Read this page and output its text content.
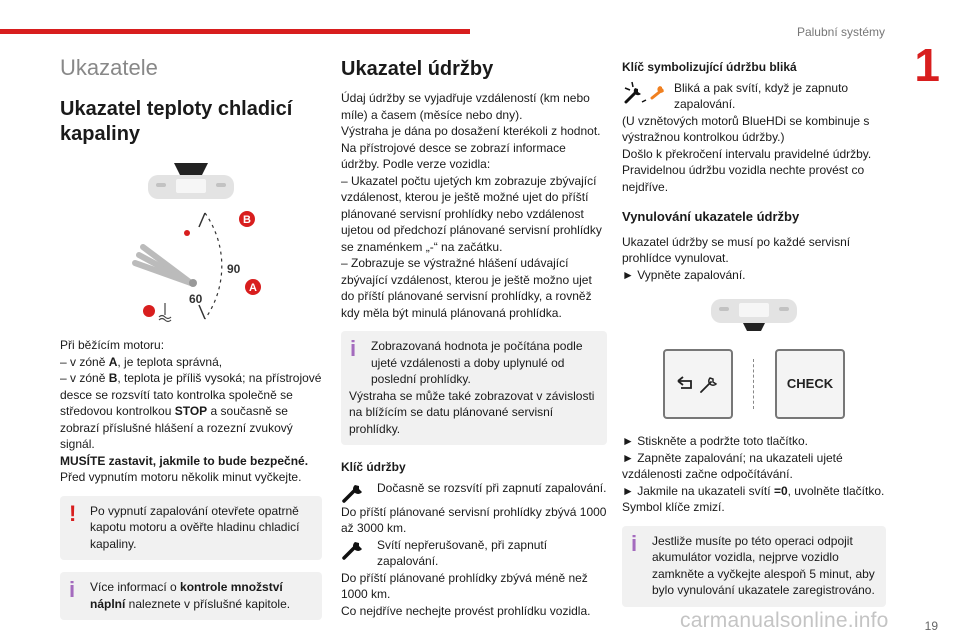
Palubní systémy
1
Ukazatele
Ukazatel teploty chladicí kapaliny
B
A
90
60

Při běžícím motoru:

– v zóně A, je teplota správná,

– v zóně B, teplota je příliš vysoká; na přístrojové desce se rozsvítí tato kontrolka společně se středovou kontrolkou STOP a současně se zobrazí příslušné hlášení a rozezní zvukový signál.

MUSÍTE zastavit, jakmile to bude bezpečné.

Před vypnutím motoru několik minut vyčkejte.

!	Po vypnutí zapalování otevřete opatrně kapotu motoru a ověřte hladinu chladicí kapaliny.

i	Více informací o kontrole množství náplní naleznete v příslušné kapitole.

Ukazatel údržby

Údaj údržby se vyjadřuje vzdáleností (km nebo míle) a časem (měsíce nebo dny).

Výstraha je dána po dosažení kterékoli z hodnot.

Na přístrojové desce se zobrazí informace údržby. Podle verze vozidla:

– Ukazatel počtu ujetých km zobrazuje zbývající vzdálenost, kterou je ještě možné ujet do příští plánované servisní prohlídky nebo vzdálenost ujetou od předchozí plánované servisní prohlídky se znaménkem „-“ na začátku.

– Zobrazuje se výstražné hlášení udávající zbývající vzdálenost, kterou je ještě možno ujet do příští plánované servisní prohlídky, a rovněž kdy měla být minulá plánovaná prohlídka.

i	Zobrazovaná hodnota je počítána podle ujeté vzdálenosti a doby uplynulé od poslední prohlídky.

Výstraha se může také zobrazovat v závislosti na blížícím se datu plánované servisní prohlídky.

Klíč údržby

Dočasně se rozsvítí při zapnutí zapalování.

Do příští plánované servisní prohlídky zbývá 1000 až 3000 km.

Svítí nepřerušovaně, při zapnutí zapalování.

Do příští plánované prohlídky zbývá méně než 1000 km.

Co nejdříve nechejte provést prohlídku vozidla.

Klíč symbolizující údržbu bliká

Bliká a pak svítí, když je zapnuto zapalování.

(U vznětových motorů BlueHDi se kombinuje s výstražnou kontrolkou údržby.)

Došlo k překročení intervalu pravidelné údržby.

Pravidelnou údržbu vozidla nechte provést co nejdříve.

Vynulování ukazatele údržby

Ukazatel údržby se musí po každé servisní prohlídce vynulovat.

► Vypněte zapalování.

CHECK

► Stiskněte a podržte toto tlačítko.

► Zapněte zapalování; na ukazateli ujeté vzdálenosti začne odpočítávání.

► Jakmile na ukazateli svítí =0, uvolněte tlačítko. Symbol klíče zmizí.

i	Jestliže musíte po této operaci odpojit akumulátor vozidla, nejprve vozidlo zamkněte a vyčkejte alespoň 5 minut, aby bylo vynulování ukazatele zaregistrováno.

carmanualsonline.info	19
